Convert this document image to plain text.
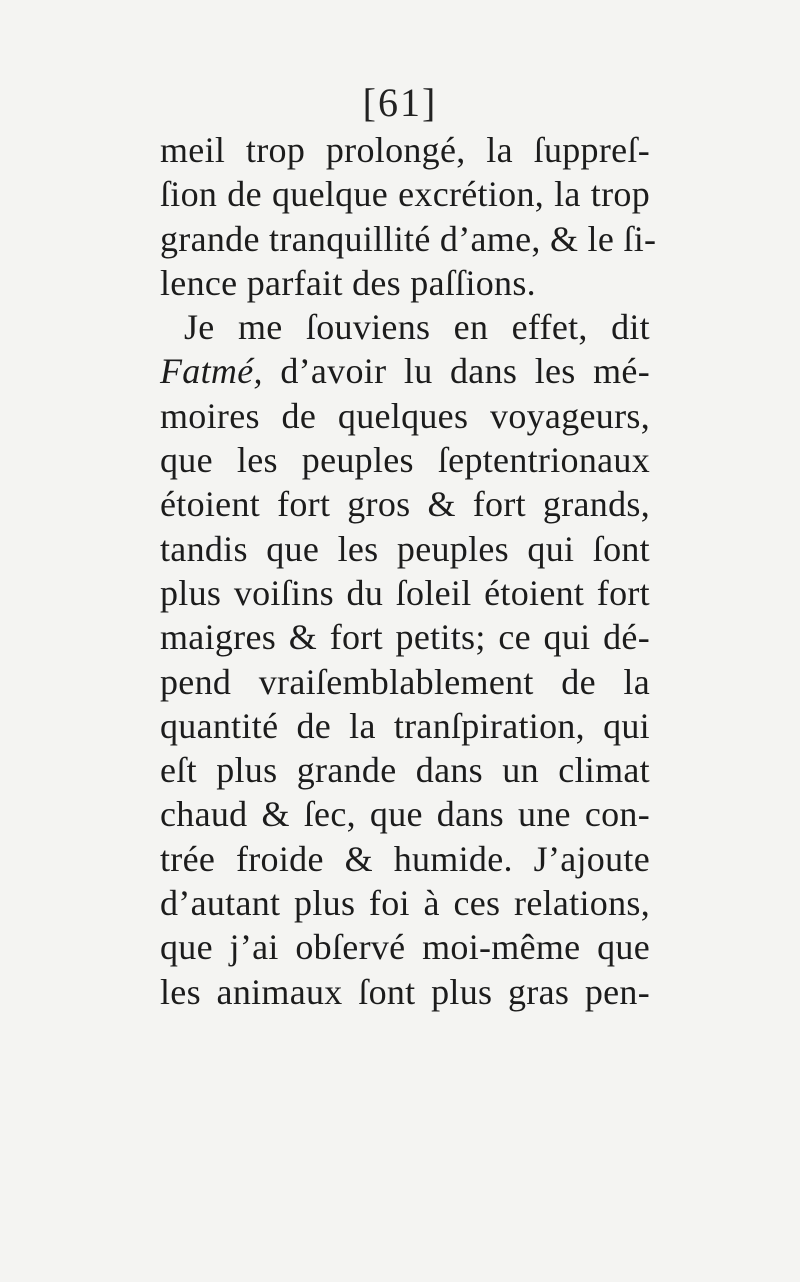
[61]
meil trop prolongé, la ſuppreſ-
ſion de quelque excrétion, la trop
grande tranquillité d’ame, & le ſi-
lence parfait des paſſions.
Je me ſouviens en effet, dit
Fatmé, d’avoir lu dans les mé-
moires de quelques voyageurs,
que les peuples ſeptentrionaux
étoient fort gros & fort grands,
tandis que les peuples qui ſont
plus voiſins du ſoleil étoient fort
maigres & fort petits; ce qui dé-
pend vraiſemblablement de la
quantité de la tranſpiration, qui
eſt plus grande dans un climat
chaud & ſec, que dans une con-
trée froide & humide. J’ajoute
d’autant plus foi à ces relations,
que j’ai obſervé moi-même que
les animaux ſont plus gras pen-
